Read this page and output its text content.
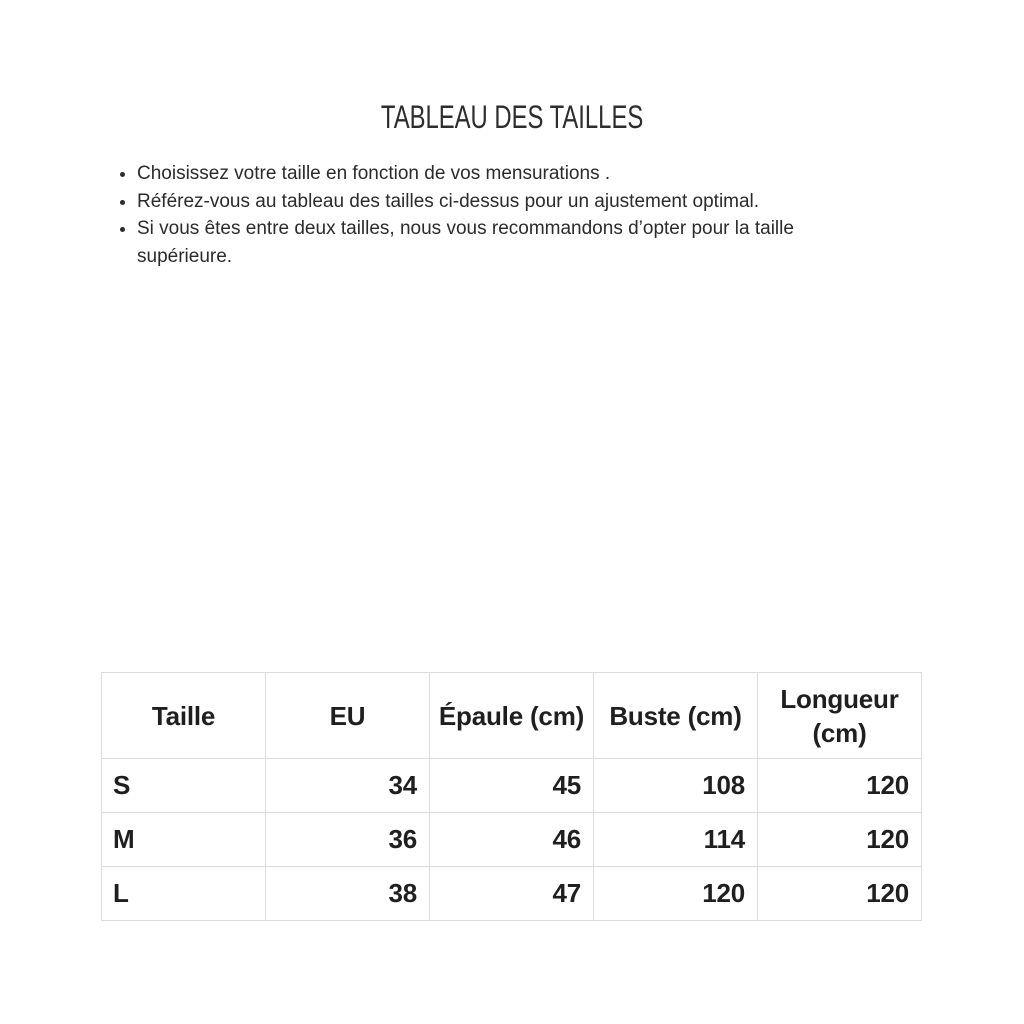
TABLEAU DES TAILLES
• Choisissez votre taille en fonction de vos mensurations .
• Référez-vous au tableau des tailles ci-dessus pour un ajustement optimal.
• Si vous êtes entre deux tailles, nous vous recommandons d’opter pour la taille supérieure.
Taille	EU	Épaule (cm)	Buste (cm)	Longueur (cm)
S	34	45	108	120
M	36	46	114	120
L	38	47	120	120
